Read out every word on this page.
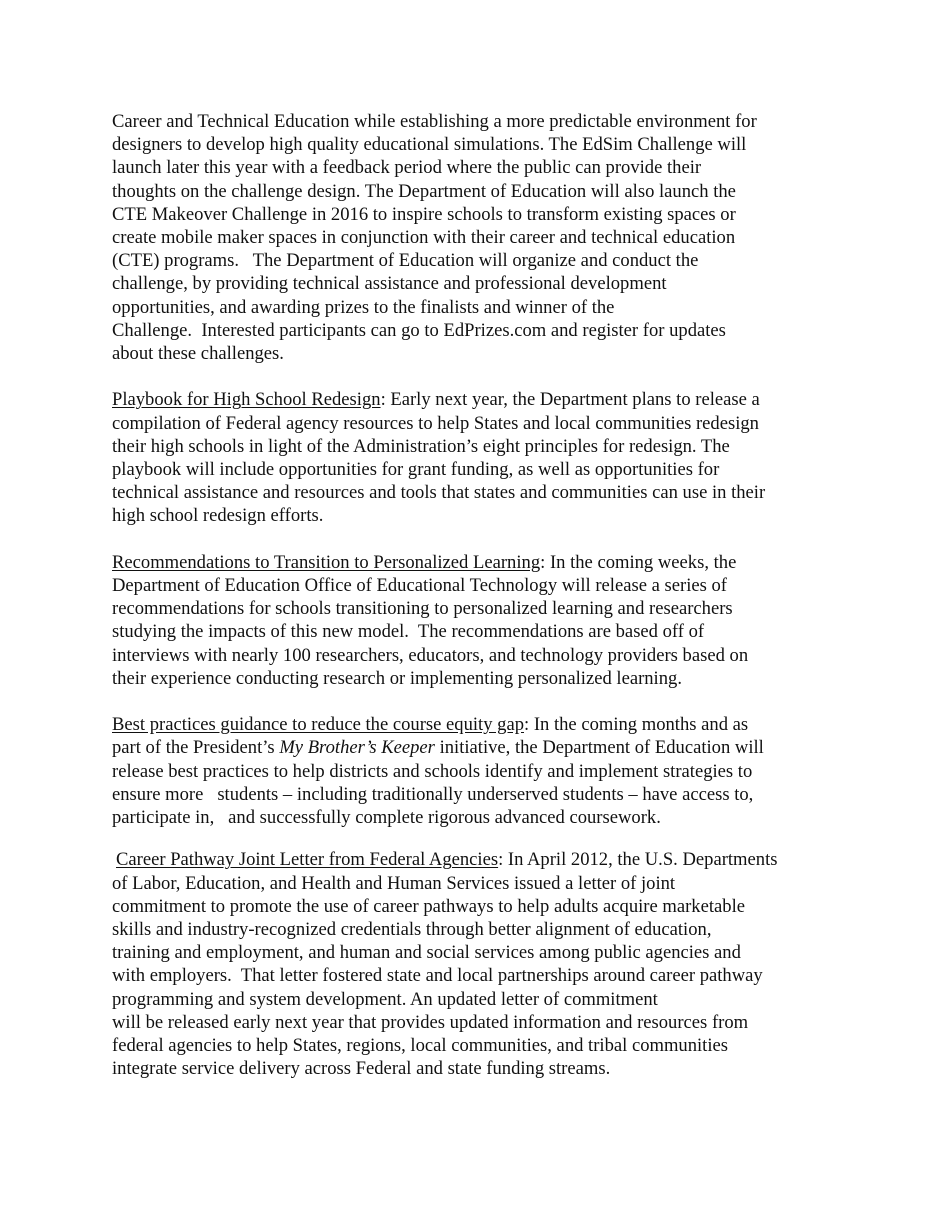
Career and Technical Education while establishing a more predictable environment for
designers to develop high quality educational simulations. The EdSim Challenge will
launch later this year with a feedback period where the public can provide their
thoughts on the challenge design. The Department of Education will also launch the
CTE Makeover Challenge in 2016 to inspire schools to transform existing spaces or
create mobile maker spaces in conjunction with their career and technical education
(CTE) programs.   The Department of Education will organize and conduct the
challenge, by providing technical assistance and professional development
opportunities, and awarding prizes to the finalists and winner of the
Challenge.  Interested participants can go to EdPrizes.com and register for updates
about these challenges.

Playbook for High School Redesign: Early next year, the Department plans to release a
compilation of Federal agency resources to help States and local communities redesign
their high schools in light of the Administration’s eight principles for redesign. The
playbook will include opportunities for grant funding, as well as opportunities for
technical assistance and resources and tools that states and communities can use in their
high school redesign efforts.

Recommendations to Transition to Personalized Learning: In the coming weeks, the
Department of Education Office of Educational Technology will release a series of
recommendations for schools transitioning to personalized learning and researchers
studying the impacts of this new model.  The recommendations are based off of
interviews with nearly 100 researchers, educators, and technology providers based on
their experience conducting research or implementing personalized learning.

Best practices guidance to reduce the course equity gap: In the coming months and as
part of the President’s My Brother’s Keeper initiative, the Department of Education will
release best practices to help districts and schools identify and implement strategies to
ensure more   students – including traditionally underserved students – have access to,
participate in,   and successfully complete rigorous advanced coursework.

Career Pathway Joint Letter from Federal Agencies: In April 2012, the U.S. Departments
of Labor, Education, and Health and Human Services issued a letter of joint
commitment to promote the use of career pathways to help adults acquire marketable
skills and industry-recognized credentials through better alignment of education,
training and employment, and human and social services among public agencies and
with employers.  That letter fostered state and local partnerships around career pathway
programming and system development. An updated letter of commitment
will be released early next year that provides updated information and resources from
federal agencies to help States, regions, local communities, and tribal communities
integrate service delivery across Federal and state funding streams.
